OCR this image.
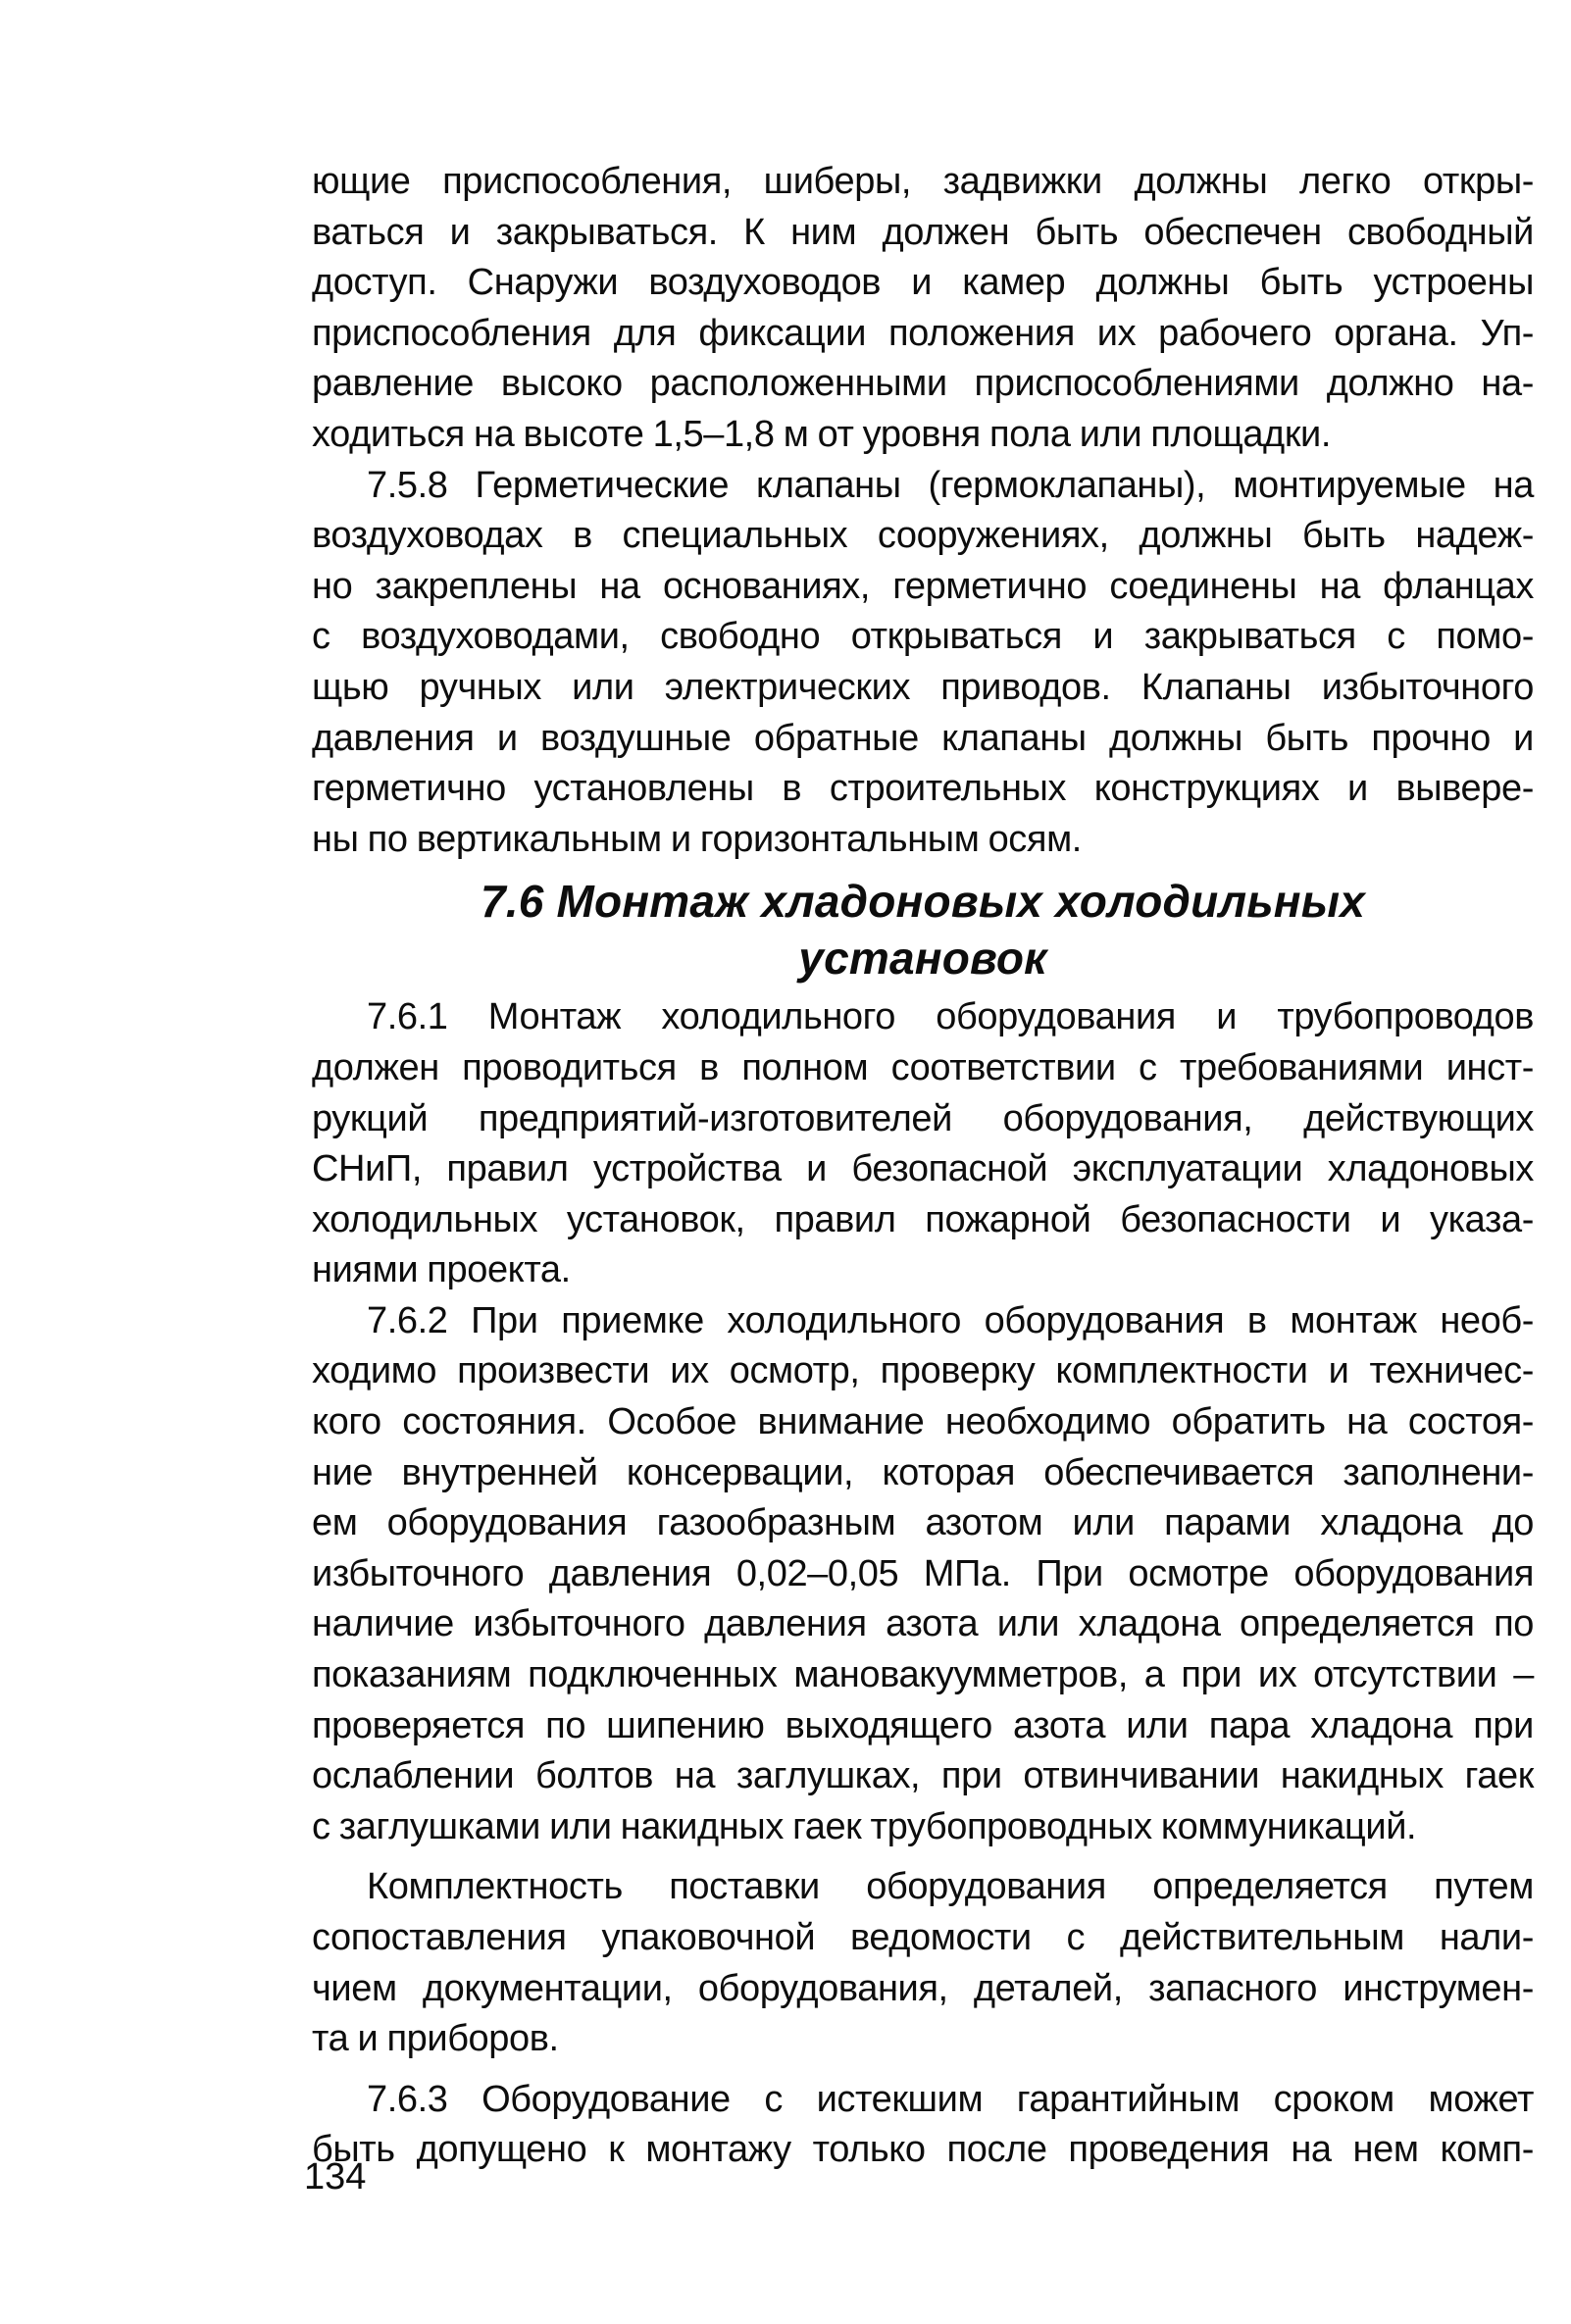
ющие приспособления, шиберы, задвижки должны легко откры-
ваться и закрываться. К ним должен быть обеспечен свободный
доступ. Снаружи воздуховодов и камер должны быть устроены
приспособления для фиксации положения их рабочего органа. Уп-
равление высоко расположенными приспособлениями должно на-
ходиться на высоте 1,5–1,8 м от уровня пола или площадки.
7.5.8 Герметические клапаны (гермоклапаны), монтируемые на
воздуховодах в специальных сооружениях, должны быть надеж-
но закреплены на основаниях, герметично соединены на фланцах
с воздуховодами, свободно открываться и закрываться с помо-
щью ручных или электрических приводов. Клапаны избыточного
давления и воздушные обратные клапаны должны быть прочно и
герметично установлены в строительных конструкциях и вывере-
ны по вертикальным и горизонтальным осям.
7.6 Монтаж хладоновых холодильных
установок
7.6.1 Монтаж холодильного оборудования и трубопроводов
должен проводиться в полном соответствии с требованиями инст-
рукций предприятий-изготовителей оборудования, действующих
СНиП, правил устройства и безопасной эксплуатации хладоновых
холодильных установок, правил пожарной безопасности и указа-
ниями проекта.
7.6.2 При приемке холодильного оборудования в монтаж необ-
ходимо произвести их осмотр, проверку комплектности и техничес-
кого состояния. Особое внимание необходимо обратить на состоя-
ние внутренней консервации, которая обеспечивается заполнени-
ем оборудования газообразным азотом или парами хладона до
избыточного давления 0,02–0,05 МПа. При осмотре оборудования
наличие избыточного давления азота или хладона определяется по
показаниям подключенных мановакуумметров, а при их отсутствии –
проверяется по шипению выходящего азота или пара хладона при
ослаблении болтов на заглушках, при отвинчивании накидных гаек
с заглушками или накидных гаек трубопроводных коммуникаций.
Комплектность поставки оборудования определяется путем
сопоставления упаковочной ведомости с действительным нали-
чием документации, оборудования, деталей, запасного инструмен-
та и приборов.
7.6.3 Оборудование с истекшим гарантийным сроком может
быть допущено к монтажу только после проведения на нем комп-
134
